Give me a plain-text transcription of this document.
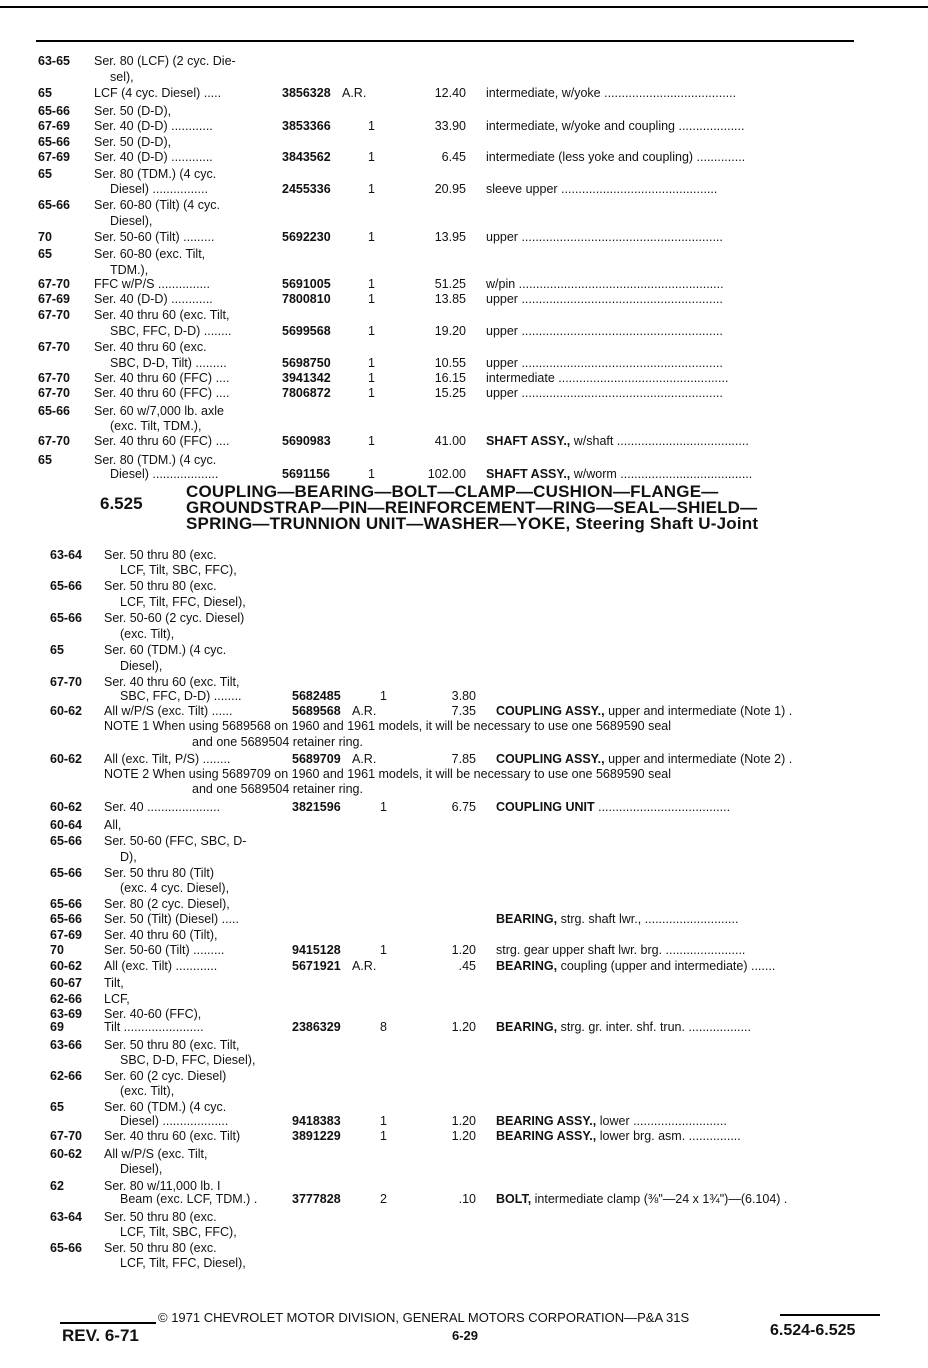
63-65 Ser. 80 (LCF) (2 cyc. Die-
sel),
65	LCF (4 cyc. Diesel) .....	3856328 A.R.	12.40 intermediate, w/yoke ......................................
65-66 Ser. 50 (D-D),
67-69 Ser. 40 (D-D) ............	3853366	1	33.90 intermediate, w/yoke and coupling ...................
65-66 Ser. 50 (D-D),
67-69 Ser. 40 (D-D) ............	3843562	1	6.45 intermediate (less yoke and coupling) ..............
65	Ser. 80 (TDM.) (4 cyc.
Diesel) ................	2455336	1	20.95 sleeve upper .............................................
65-66 Ser. 60-80 (Tilt) (4 cyc.
Diesel),
70	Ser. 50-60 (Tilt) .........	5692230	1	13.95 upper ..........................................................
65	Ser. 60-80 (exc. Tilt,
TDM.),
67-70 FFC w/P/S ...............	5691005	1	51.25 w/pin ...........................................................
67-69 Ser. 40 (D-D) ............	7800810	1	13.85 upper ..........................................................
67-70 Ser. 40 thru 60 (exc. Tilt,
SBC, FFC, D-D) ........	5699568	1	19.20 upper ..........................................................
67-70 Ser. 40 thru 60 (exc.
SBC, D-D, Tilt) .........	5698750	1	10.55 upper ..........................................................
67-70 Ser. 40 thru 60 (FFC) ....	3941342	1	16.15 intermediate .................................................
67-70 Ser. 40 thru 60 (FFC) ....	7806872	1	15.25 upper ..........................................................
65-66 Ser. 60 w/7,000 lb. axle
(exc. Tilt, TDM.),
67-70 Ser. 40 thru 60 (FFC) ....	5690983	1	41.00 SHAFT ASSY., w/shaft ......................................
65	Ser. 80 (TDM.) (4 cyc.
Diesel) ...................	5691156	1	102.00 SHAFT ASSY., w/worm ......................................
63-64 Ser. 50 thru 80 (exc.
LCF, Tilt, SBC, FFC),
65-66 Ser. 50 thru 80 (exc.
LCF, Tilt, FFC, Diesel),
65-66 Ser. 50-60 (2 cyc. Diesel)
(exc. Tilt),
65	Ser. 60 (TDM.) (4 cyc.
Diesel),
67-70 Ser. 40 thru 60 (exc. Tilt,
SBC, FFC, D-D) ........	5682485	1	3.80
60-62 All w/P/S (exc. Tilt) ......	5689568 A.R.	7.35 COUPLING ASSY., upper and intermediate (Note 1) .
60-62 All (exc. Tilt, P/S) ........	5689709 A.R.	7.85 COUPLING ASSY., upper and intermediate (Note 2) .
60-62 Ser. 40 .....................	3821596	1	6.75 COUPLING UNIT ......................................
60-64 All,
65-66 Ser. 50-60 (FFC, SBC, D-
D),
65-66 Ser. 50 thru 80 (Tilt)
(exc. 4 cyc. Diesel),
65-66 Ser. 80 (2 cyc. Diesel),
65-66 Ser. 50 (Tilt) (Diesel) .....	BEARING, strg. shaft lwr., ...........................
67-69 Ser. 40 thru 60 (Tilt),
70	Ser. 50-60 (Tilt) .........	9415128	1	1.20 strg. gear upper shaft lwr. brg. .......................
60-62 All (exc. Tilt) ............	5671921 A.R.	.45 BEARING, coupling (upper and intermediate) .......
60-67 Tilt,
62-66 LCF,
63-69 Ser. 40-60 (FFC),
69	Tilt .......................	2386329	8	1.20 BEARING, strg. gr. inter. shf. trun. ..................
63-66 Ser. 50 thru 80 (exc. Tilt,
SBC, D-D, FFC, Diesel),
62-66 Ser. 60 (2 cyc. Diesel)
(exc. Tilt),
65	Ser. 60 (TDM.) (4 cyc.
Diesel) ...................	9418383	1	1.20 BEARING ASSY., lower ...........................
67-70 Ser. 40 thru 60 (exc. Tilt)	3891229	1	1.20 BEARING ASSY., lower brg. asm. ...............
60-62 All w/P/S (exc. Tilt,
Diesel),
62	Ser. 80 w/11,000 lb. I
Beam (exc. LCF, TDM.) .	3777828	2	.10 BOLT, intermediate clamp (⅜"—24 x 1¾")—(6.104) .
63-64 Ser. 50 thru 80 (exc.
LCF, Tilt, SBC, FFC),
65-66 Ser. 50 thru 80 (exc.
LCF, Tilt, FFC, Diesel),
NOTE 1 When using 5689568 on 1960 and 1961 models, it will be necessary to use one 5689590 seal
and one 5689504 retainer ring.
NOTE 2 When using 5689709 on 1960 and 1961 models, it will be necessary to use one 5689590 seal
and one 5689504 retainer ring.
6.525
COUPLING—BEARING—BOLT—CLAMP—CUSHION—FLANGE—
GROUNDSTRAP—PIN—REINFORCEMENT—RING—SEAL—SHIELD—
SPRING—TRUNNION UNIT—WASHER—YOKE, Steering Shaft U-Joint
© 1971 CHEVROLET MOTOR DIVISION, GENERAL MOTORS CORPORATION—P&A 31S
REV. 6-71	6-29	6.524-6.525
